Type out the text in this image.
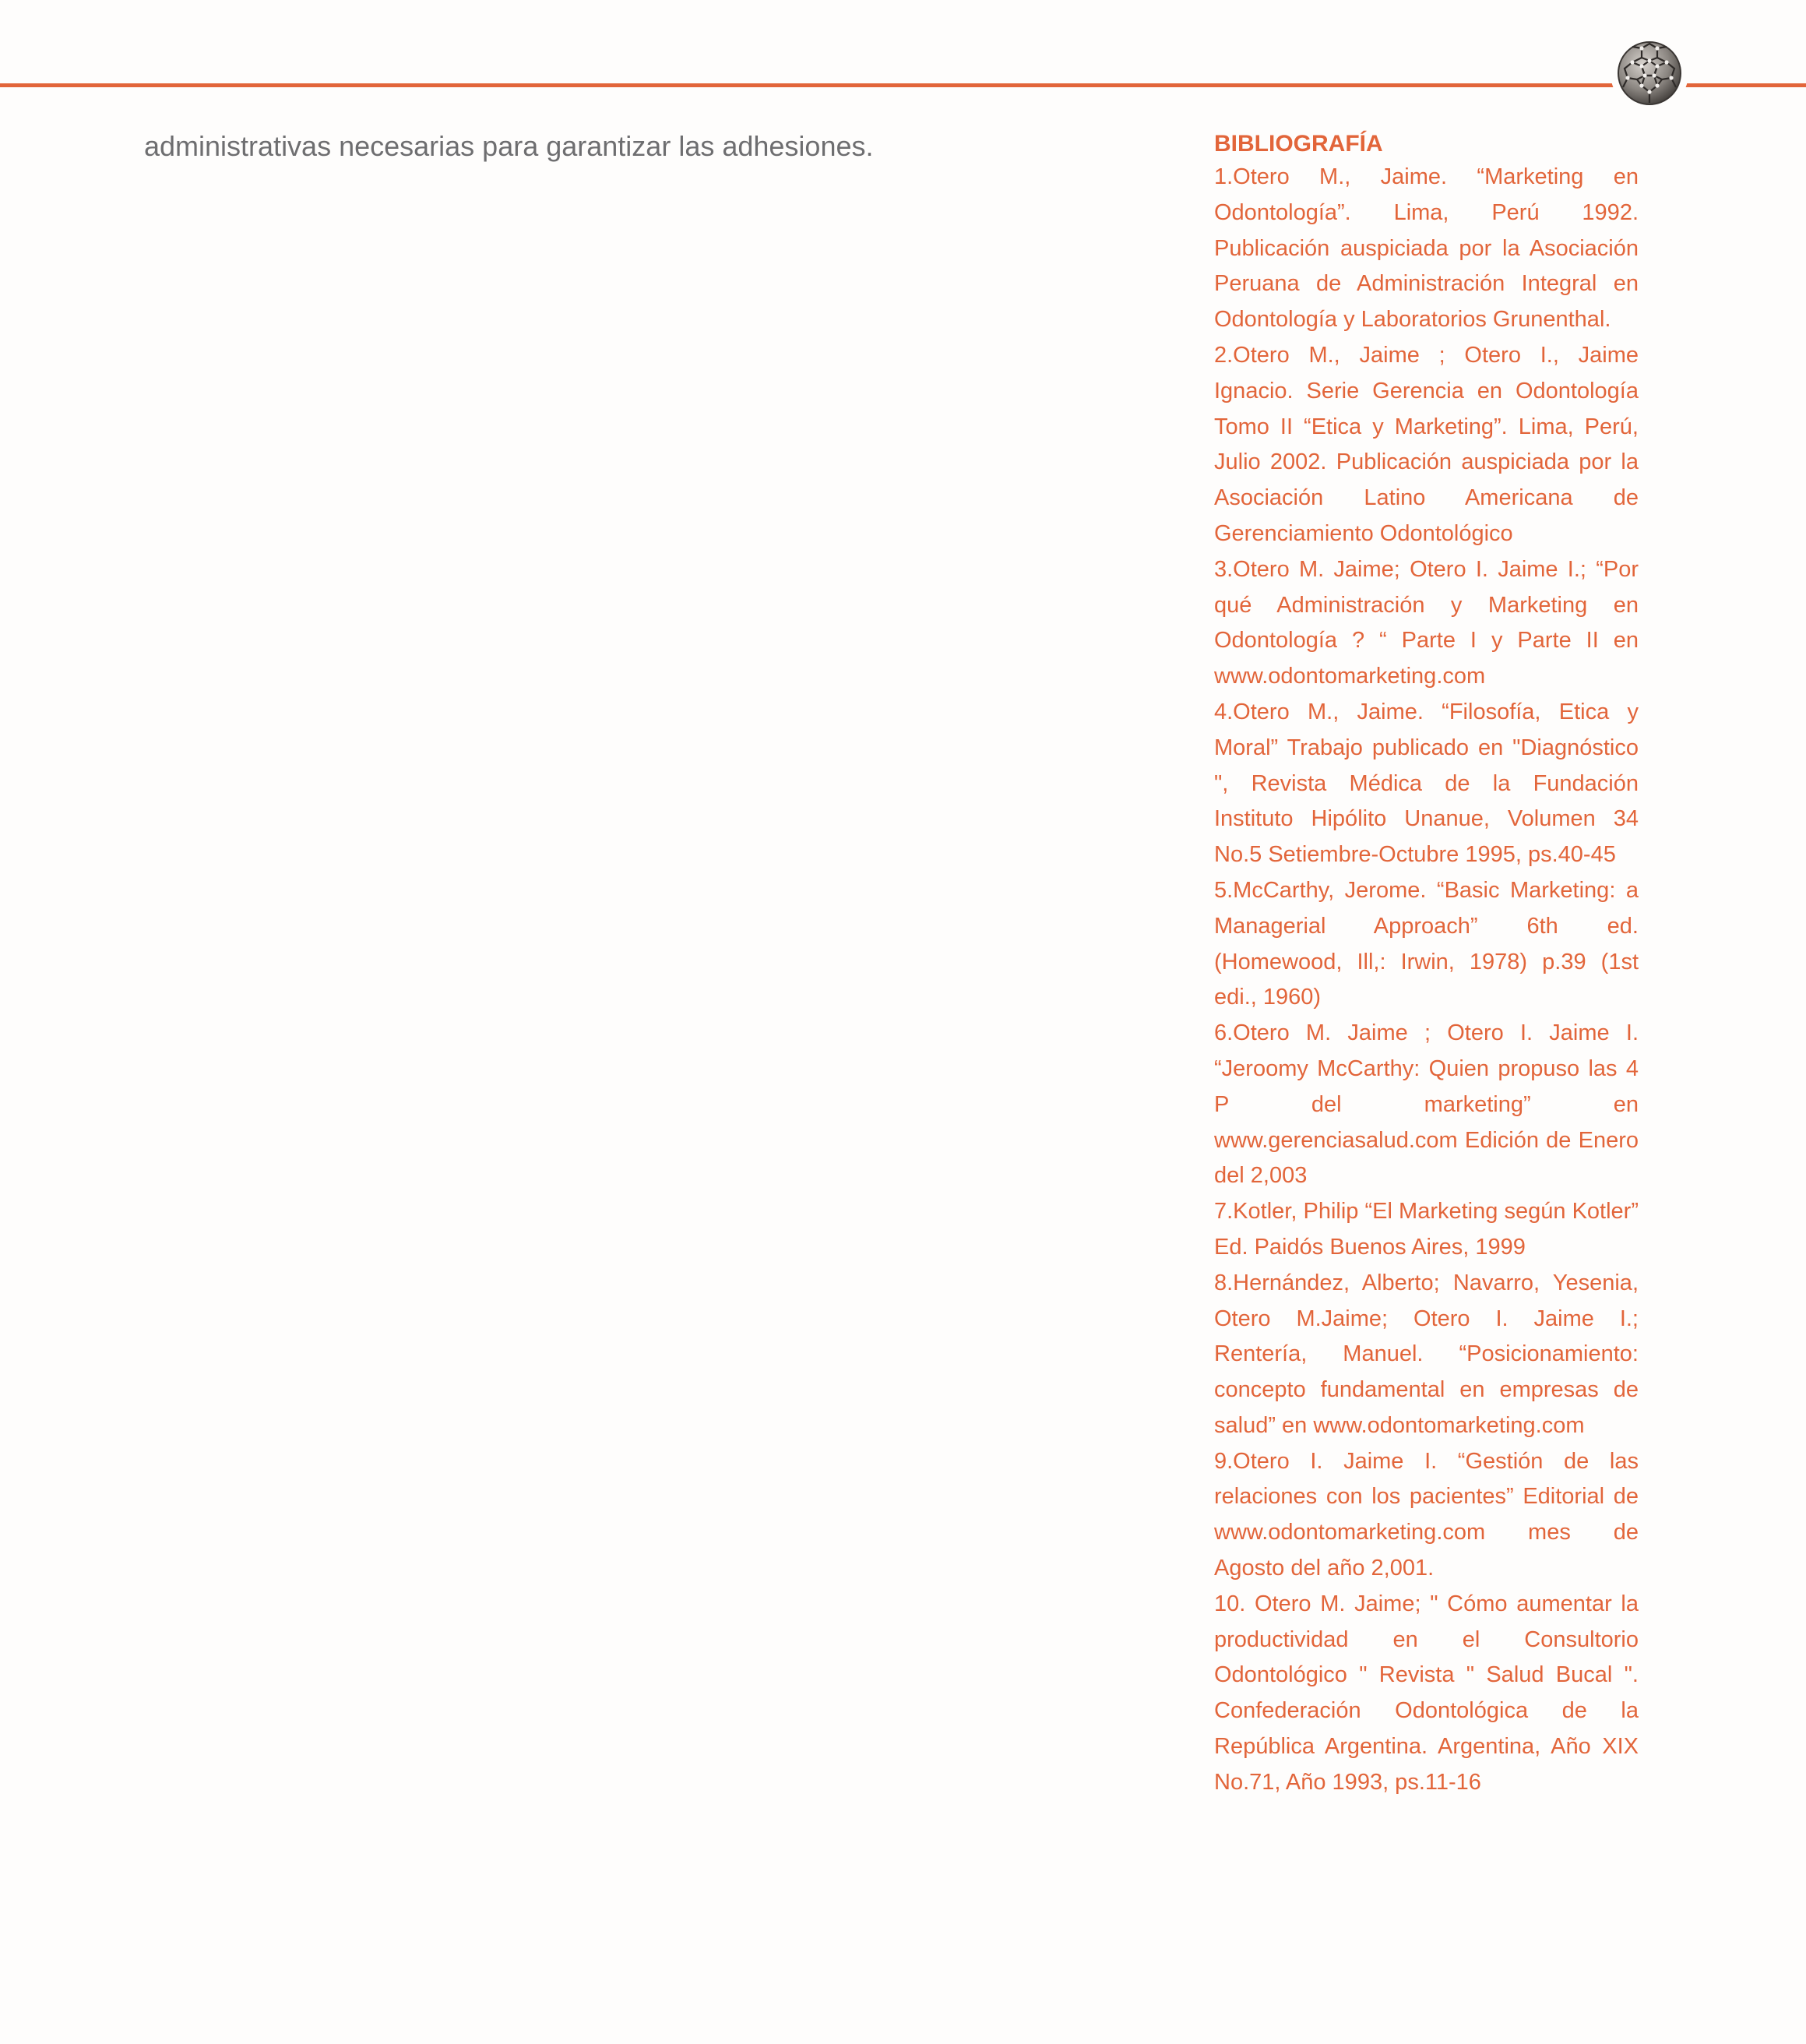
administrativas necesarias para garantizar las adhesiones.	BIBLIOGRAFÍA
1.Otero M., Jaime. “Marketing en Odontología”. Lima, Perú 1992. Publicación auspiciada por la Asociación Peruana de Administración Integral en Odontología y Laboratorios Grunenthal.
2.Otero M., Jaime ; Otero I., Jaime Ignacio. Serie Gerencia en Odontología Tomo II “Etica y Marketing”. Lima, Perú, Julio 2002. Publicación auspiciada por la Asociación Latino Americana de Gerenciamiento Odontológico
3.Otero M. Jaime; Otero I. Jaime I.; “Por qué Administración y Marketing en Odontología ? “ Parte I y Parte II en www.odontomarketing.com
4.Otero M., Jaime. “Filosofía, Etica y Moral” Trabajo publicado en "Diagnóstico ", Revista Médica de la Fundación Instituto Hipólito Unanue, Volumen 34 No.5 Setiembre-Octubre 1995, ps.40-45
5.McCarthy, Jerome. “Basic Marketing: a Managerial Approach” 6th ed. (Homewood, Ill,: Irwin, 1978) p.39 (1st edi., 1960)
6.Otero M. Jaime ; Otero I. Jaime I. “Jeroomy McCarthy: Quien propuso las 4 P del marketing” en www.gerenciasalud.com Edición de Enero del 2,003
7.Kotler, Philip “El Marketing según Kotler” Ed. Paidós Buenos Aires, 1999
8.Hernández, Alberto; Navarro, Yesenia, Otero M.Jaime; Otero I. Jaime I.; Rentería, Manuel. “Posicionamiento: concepto fundamental en empresas de salud” en www.odontomarketing.com
9.Otero I. Jaime I. “Gestión de las relaciones con los pacientes” Editorial de www.odontomarketing.com mes de Agosto del año 2,001.
10. Otero M. Jaime; " Cómo aumentar la productividad en el Consultorio Odontológico " Revista " Salud Bucal ". Confederación Odontológica de la República Argentina. Argentina, Año XIX No.71, Año 1993, ps.11-16
